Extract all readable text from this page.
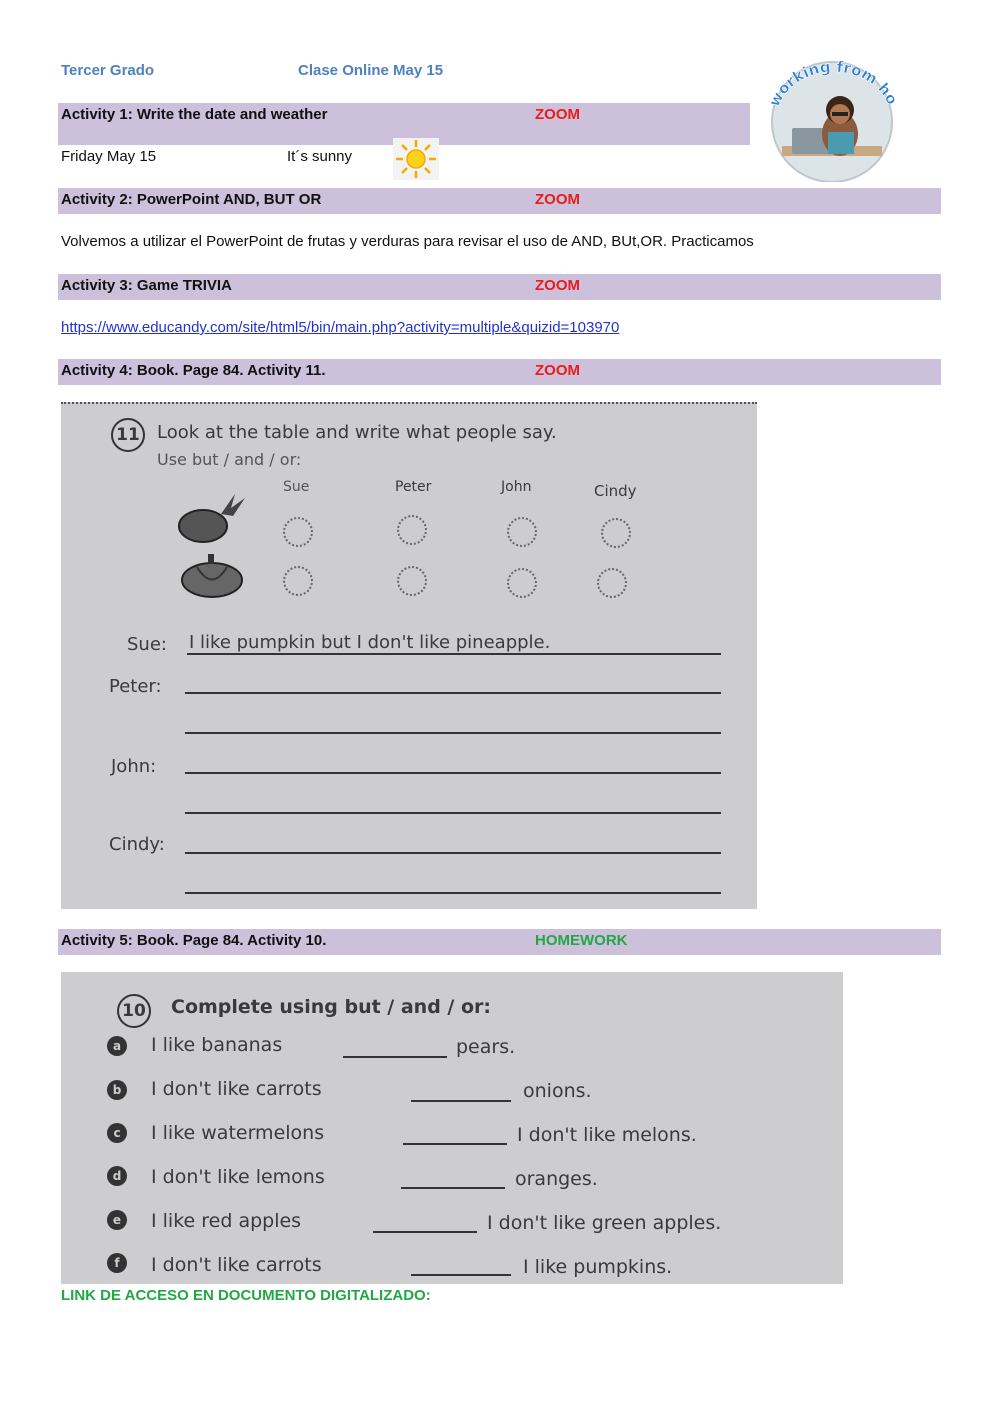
Tercer Grado	Clase Online May 15
working from ho
Activity 1: Write the date and weather	ZOOM
Friday May 15	It´s sunny
Activity 2: PowerPoint AND, BUT OR	ZOOM
Volvemos a utilizar el PowerPoint de frutas y verduras para revisar el uso de AND, BUt,OR. Practicamos
Activity 3: Game TRIVIA	ZOOM
https://www.educandy.com/site/html5/bin/main.php?activity=multiple&quizid=103970
Activity 4: Book. Page 84. Activity 11.	ZOOM
11 Look at the table and write what people say.
Use but / and / or:
Sue	Peter	John	Cindy
Sue: I like pumpkin but I don't like pineapple.
Peter:
John:
Cindy:
Activity 5: Book. Page 84. Activity 10.	HOMEWORK
10 Complete using but / and / or:
a	I like bananas	pears.
b	I don't like carrots	onions.
c	I like watermelons	I don't like melons.
d	I don't like lemons	oranges.
e	I like red apples	I don't like green apples.
f	I don't like carrots	I like pumpkins.
LINK DE ACCESO EN DOCUMENTO DIGITALIZADO:
